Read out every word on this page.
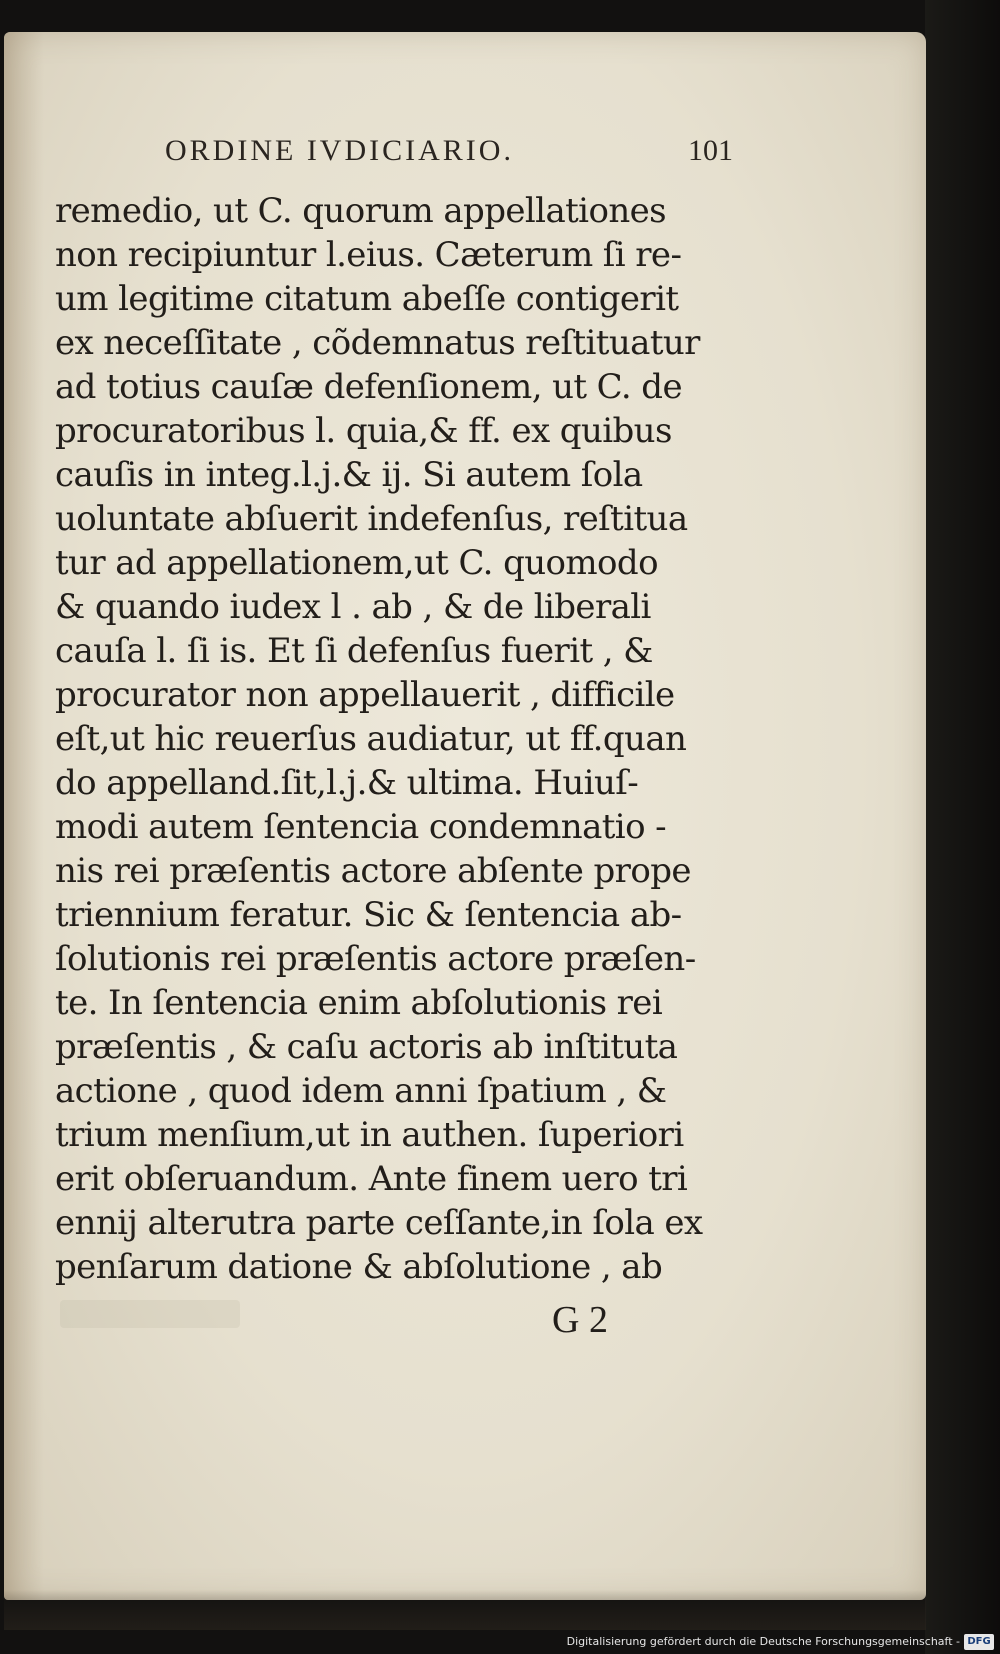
ORDINE IVDICIARIO.	101
remedio, ut C. quorum appellationes
non recipiuntur l.eius. Cæterum ſi re-
um legitime citatum abeſſe contigerit
ex neceſſitate , cõdemnatus reſtituatur
ad totius cauſæ defenſionem, ut C. de
procuratoribus l. quia,& ff. ex quibus
cauſis in integ.l.j.& ij. Si autem ſola
uoluntate abſuerit indefenſus, reſtitua
tur ad appellationem,ut C. quomodo
& quando iudex l . ab , & de liberali
cauſa l. ſi is. Et ſi defenſus fuerit , &
procurator non appellauerit , difficile
eſt,ut hic reuerſus audiatur, ut ff.quan
do appelland.ſit,l.j.& ultima. Huiuſ-
modi autem ſentencia condemnatio -
nis rei præſentis actore abſente prope
triennium feratur. Sic & ſentencia ab-
ſolutionis rei præſentis actore præſen-
te. In ſentencia enim abſolutionis rei
præſentis , & caſu actoris ab inſtituta
actione , quod idem anni ſpatium , &
trium menſium,ut in authen. ſuperiori
erit obſeruandum. Ante finem uero tri
ennij alterutra parte ceſſante,in ſola ex
penſarum datione & abſolutione , ab
G 2
Digitalisierung gefördert durch die Deutsche Forschungsgemeinschaft - DFG
